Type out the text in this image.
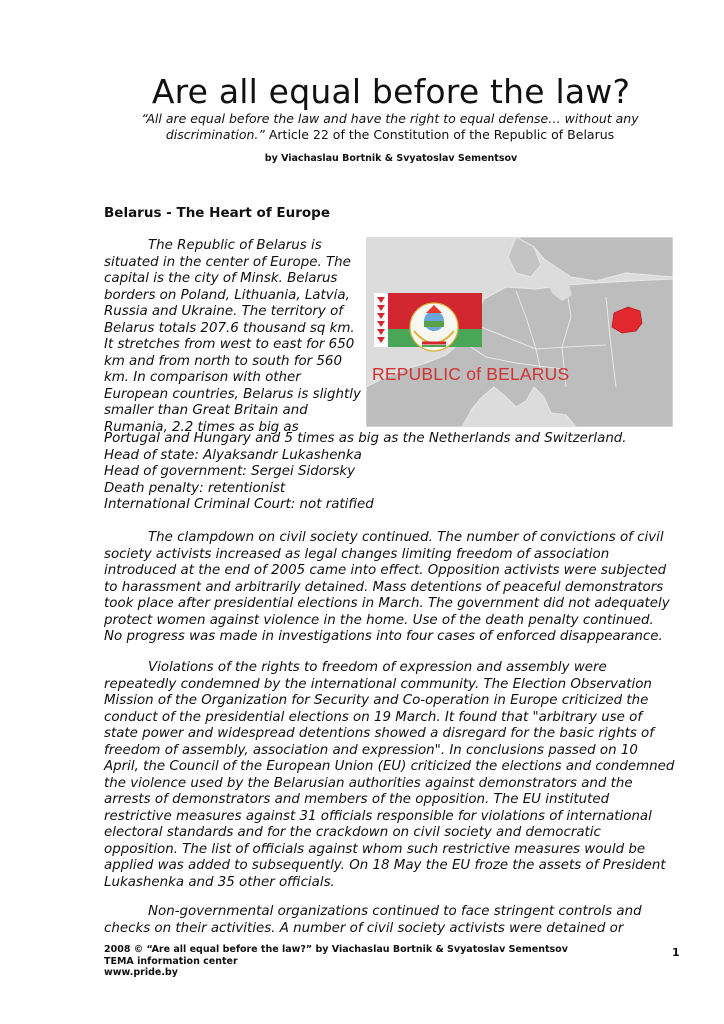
Are all equal before the law?
“All are equal before the law and have the right to equal defense… without any discrimination.” Article 22 of the Constitution of the Republic of Belarus
by Viachaslau Bortnik & Svyatoslav Sementsov
Belarus - The Heart of Europe
REPUBLIC of BELARUS
The Republic of Belarus is situated in the center of Europe. The capital is the city of Minsk. Belarus borders on Poland, Lithuania, Latvia, Russia and Ukraine. The territory of Belarus totals 207.6 thousand sq km. It stretches from west to east for 650 km and from north to south for 560 km. In comparison with other European countries, Belarus is slightly smaller than Great Britain and Rumania, 2.2 times as big as
Portugal and Hungary and 5 times as big as the Netherlands and Switzerland.
Head of state: Alyaksandr Lukashenka
Head of government: Sergei Sidorsky
Death penalty: retentionist
International Criminal Court: not ratified
The clampdown on civil society continued. The number of convictions of civil society activists increased as legal changes limiting freedom of association introduced at the end of 2005 came into effect. Opposition activists were subjected to harassment and arbitrarily detained. Mass detentions of peaceful demonstrators took place after presidential elections in March. The government did not adequately protect women against violence in the home. Use of the death penalty continued. No progress was made in investigations into four cases of enforced disappearance.
Violations of the rights to freedom of expression and assembly were repeatedly condemned by the international community. The Election Observation Mission of the Organization for Security and Co-operation in Europe criticized the conduct of the presidential elections on 19 March. It found that "arbitrary use of state power and widespread detentions showed a disregard for the basic rights of freedom of assembly, association and expression". In conclusions passed on 10 April, the Council of the European Union (EU) criticized the elections and condemned the violence used by the Belarusian authorities against demonstrators and the arrests of demonstrators and members of the opposition. The EU instituted restrictive measures against 31 officials responsible for violations of international electoral standards and for the crackdown on civil society and democratic opposition. The list of officials against whom such restrictive measures would be applied was added to subsequently. On 18 May the EU froze the assets of President Lukashenka and 35 other officials.
Non-governmental organizations continued to face stringent controls and checks on their activities. A number of civil society activists were detained or
2008 © “Are all equal before the law?” by Viachaslau Bortnik & Svyatoslav Sementsov
TEMA information center
www.pride.by
1
